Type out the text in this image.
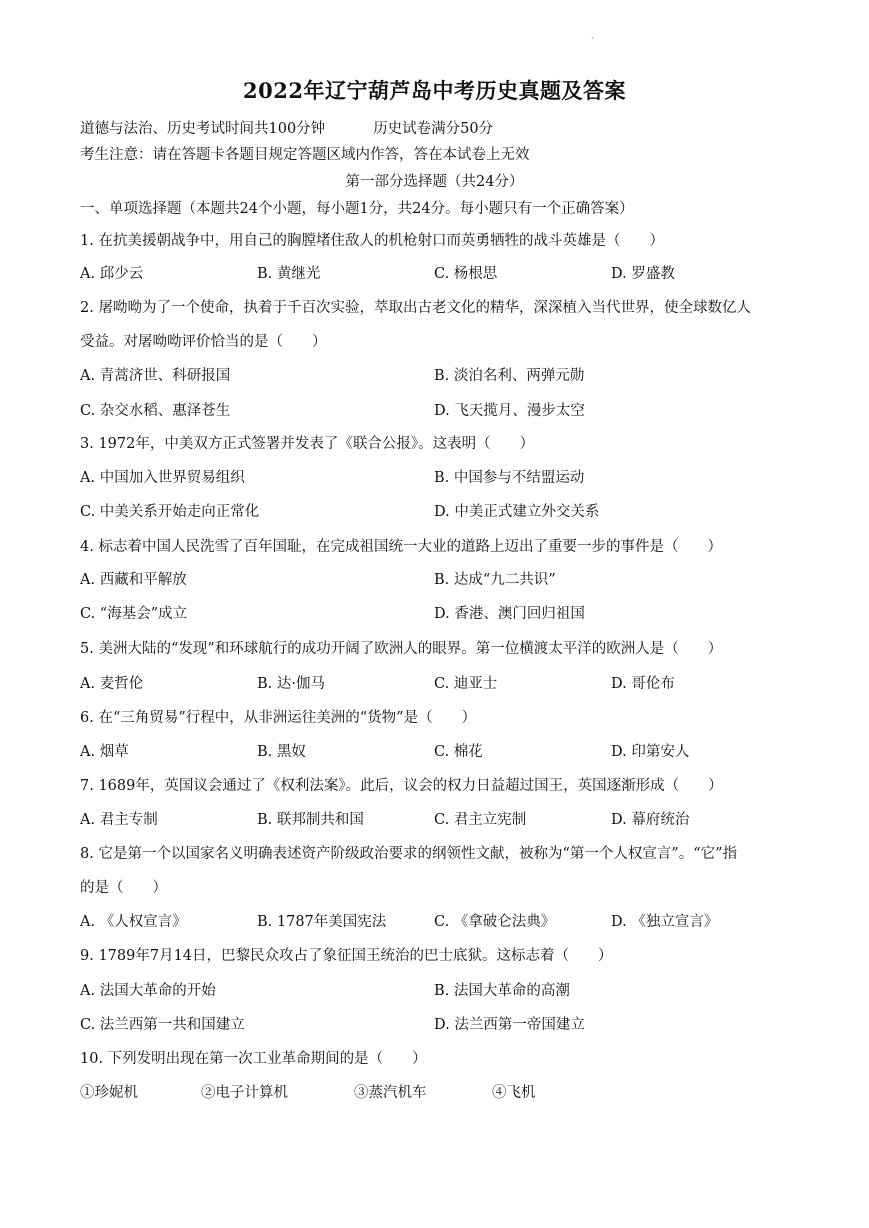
·
2022年辽宁葫芦岛中考历史真题及答案
道德与法治、历史考试时间共100分钟	历史试卷满分50分
考生注意：请在答题卡各题目规定答题区域内作答，答在本试卷上无效
第一部分选择题（共24分）
一、单项选择题（本题共24个小题，每小题1分，共24分。每小题只有一个正确答案）
1. 在抗美援朝战争中，用自己的胸膛堵住敌人的机枪射口而英勇牺牲的战斗英雄是（　　）
A. 邱少云	B. 黄继光	C. 杨根思	D. 罗盛教
2. 屠呦呦为了一个使命，执着于千百次实验，萃取出古老文化的精华，深深植入当代世界，使全球数亿人
受益。对屠呦呦评价恰当的是（　　）
A. 青蒿济世、科研报国	B. 淡泊名利、两弹元勋
C. 杂交水稻、惠泽苍生	D. 飞天揽月、漫步太空
3. 1972年，中美双方正式签署并发表了《联合公报》。这表明（　　）
A. 中国加入世界贸易组织	B. 中国参与不结盟运动
C. 中美关系开始走向正常化	D. 中美正式建立外交关系
4. 标志着中国人民洗雪了百年国耻，在完成祖国统一大业的道路上迈出了重要一步的事件是（　　）
A. 西藏和平解放	B. 达成“九二共识”
C. “海基会”成立	D. 香港、澳门回归祖国
5. 美洲大陆的“发现”和环球航行的成功开阔了欧洲人的眼界。第一位横渡太平洋的欧洲人是（　　）
A. 麦哲伦	B. 达·伽马	C. 迪亚士	D. 哥伦布
6. 在“三角贸易”行程中，从非洲运往美洲的“货物”是（　　）
A. 烟草	B. 黑奴	C. 棉花	D. 印第安人
7. 1689年，英国议会通过了《权利法案》。此后，议会的权力日益超过国王，英国逐渐形成（　　）
A. 君主专制	B. 联邦制共和国	C. 君主立宪制	D. 幕府统治
8. 它是第一个以国家名义明确表述资产阶级政治要求的纲领性文献，被称为“第一个人权宣言”。“它”指
的是（　　）
A. 《人权宣言》	B. 1787年美国宪法	C. 《拿破仑法典》	D. 《独立宣言》
9. 1789年7月14日，巴黎民众攻占了象征国王统治的巴士底狱。这标志着（　　）
A. 法国大革命的开始	B. 法国大革命的高潮
C. 法兰西第一共和国建立	D. 法兰西第一帝国建立
10. 下列发明出现在第一次工业革命期间的是（　　）
①珍妮机	②电子计算机	③蒸汽机车	④飞机
